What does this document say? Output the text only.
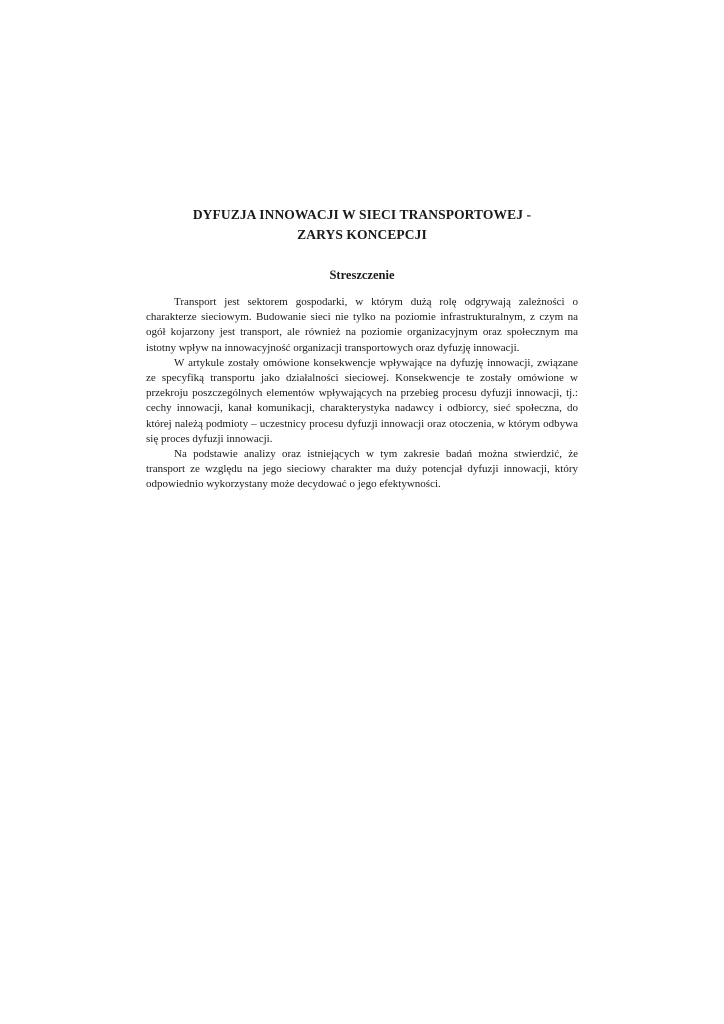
DYFUZJA INNOWACJI W SIECI TRANSPORTOWEJ -
ZARYS KONCEPCJI
Streszczenie

Transport jest sektorem gospodarki, w którym dużą rolę odgrywają zależności o charakterze sieciowym. Budowanie sieci nie tylko na poziomie infrastrukturalnym, z czym na ogół kojarzony jest transport, ale również na poziomie organizacyjnym oraz społecznym ma istotny wpływ na innowacyjność organizacji transportowych oraz dyfuzję innowacji.

W artykule zostały omówione konsekwencje wpływające na dyfuzję innowacji, związane ze specyfiką transportu jako działalności sieciowej. Konsekwencje te zostały omówione w przekroju poszczególnych elementów wpływających na przebieg procesu dyfuzji innowacji, tj.: cechy innowacji, kanał komunikacji, charakterystyka nadawcy i odbiorcy, sieć społeczna, do której należą podmioty – uczestnicy procesu dyfuzji innowacji oraz otoczenia, w którym odbywa się proces dyfuzji innowacji.

Na podstawie analizy oraz istniejących w tym zakresie badań można stwierdzić, że transport ze względu na jego sieciowy charakter ma duży potencjał dyfuzji innowacji, który odpowiednio wykorzystany może decydować o jego efektywności.
